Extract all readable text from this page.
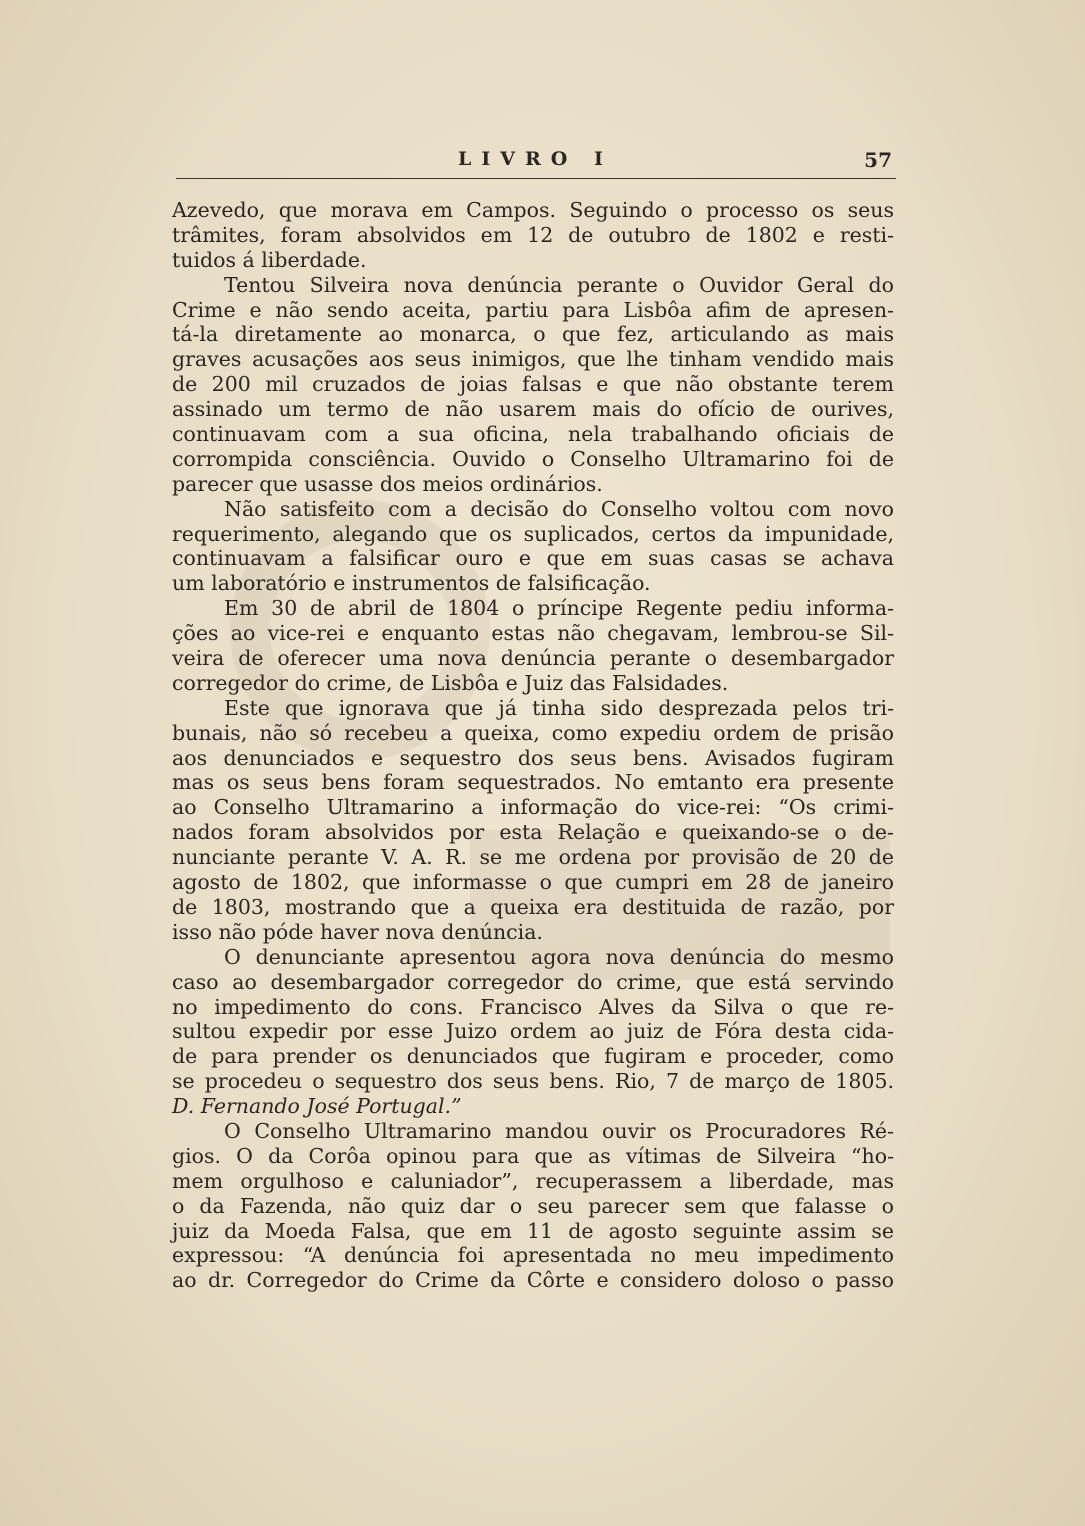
LIVRO I	57
Azevedo, que morava em Campos. Seguindo o processo os seus
trâmites, foram absolvidos em 12 de outubro de 1802 e resti-
tuidos á liberdade.
Tentou Silveira nova denúncia perante o Ouvidor Geral do
Crime e não sendo aceita, partiu para Lisbôa afim de apresen-
tá-la diretamente ao monarca, o que fez, articulando as mais
graves acusações aos seus inimigos, que lhe tinham vendido mais
de 200 mil cruzados de joias falsas e que não obstante terem
assinado um termo de não usarem mais do ofício de ourives,
continuavam com a sua oficina, nela trabalhando oficiais de
corrompida consciência. Ouvido o Conselho Ultramarino foi de
parecer que usasse dos meios ordinários.
Não satisfeito com a decisão do Conselho voltou com novo
requerimento, alegando que os suplicados, certos da impunidade,
continuavam a falsificar ouro e que em suas casas se achava
um laboratório e instrumentos de falsificação.
Em 30 de abril de 1804 o príncipe Regente pediu informa-
ções ao vice-rei e enquanto estas não chegavam, lembrou-se Sil-
veira de oferecer uma nova denúncia perante o desembargador
corregedor do crime, de Lisbôa e Juiz das Falsidades.
Este que ignorava que já tinha sido desprezada pelos tri-
bunais, não só recebeu a queixa, como expediu ordem de prisão
aos denunciados e sequestro dos seus bens. Avisados fugiram
mas os seus bens foram sequestrados. No emtanto era presente
ao Conselho Ultramarino a informação do vice-rei: “Os crimi-
nados foram absolvidos por esta Relação e queixando-se o de-
nunciante perante V. A. R. se me ordena por provisão de 20 de
agosto de 1802, que informasse o que cumpri em 28 de janeiro
de 1803, mostrando que a queixa era destituida de razão, por
isso não póde haver nova denúncia.
O denunciante apresentou agora nova denúncia do mesmo
caso ao desembargador corregedor do crime, que está servindo
no impedimento do cons. Francisco Alves da Silva o que re-
sultou expedir por esse Juizo ordem ao juiz de Fóra desta cida-
de para prender os denunciados que fugiram e proceder, como
se procedeu o sequestro dos seus bens. Rio, 7 de março de 1805.
D. Fernando José Portugal.”
O Conselho Ultramarino mandou ouvir os Procuradores Ré-
gios. O da Corôa opinou para que as vítimas de Silveira “ho-
mem orgulhoso e caluniador”, recuperassem a liberdade, mas
o da Fazenda, não quiz dar o seu parecer sem que falasse o
juiz da Moeda Falsa, que em 11 de agosto seguinte assim se
expressou: “A denúncia foi apresentada no meu impedimento
ao dr. Corregedor do Crime da Côrte e considero doloso o passo
